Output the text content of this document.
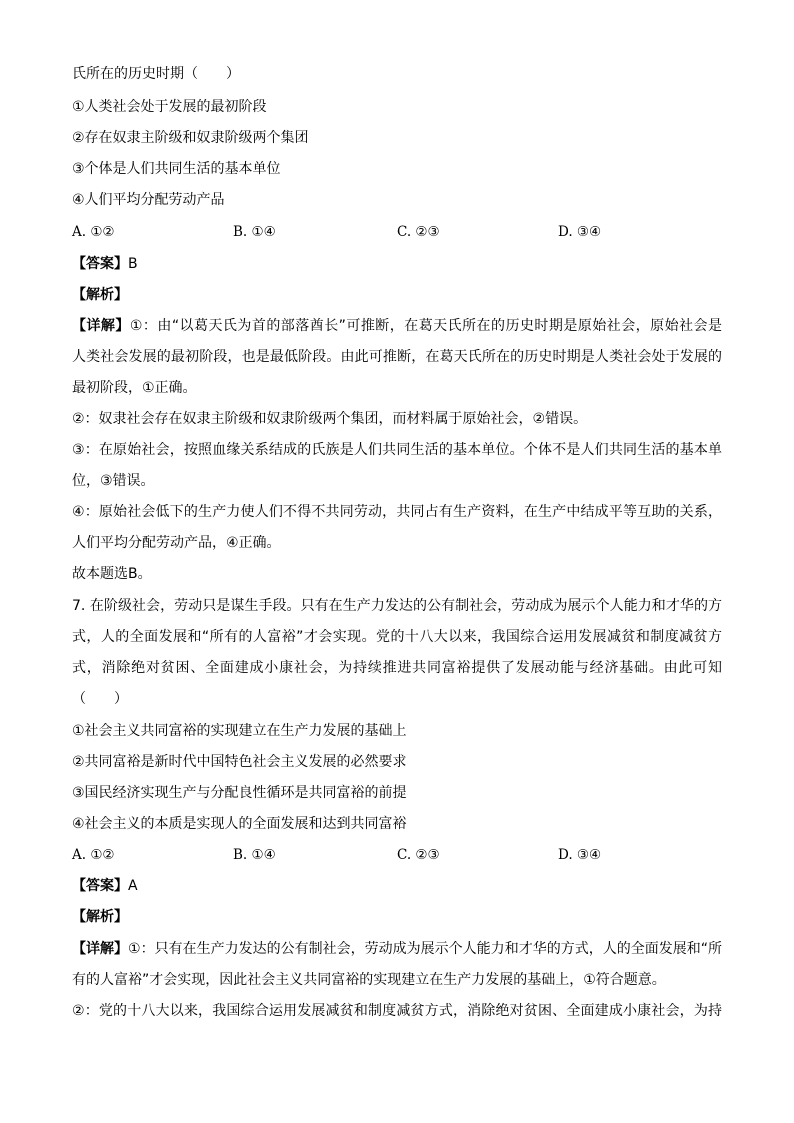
氏所在的历史时期（　　）
①人类社会处于发展的最初阶段
②存在奴隶主阶级和奴隶阶级两个集团
③个体是人们共同生活的基本单位
④人们平均分配劳动产品
A. ①②	B. ①④	C. ②③	D. ③④
【答案】B
【解析】
【详解】①：由“以葛天氏为首的部落酋长”可推断，在葛天氏所在的历史时期是原始社会，原始社会是
人类社会发展的最初阶段，也是最低阶段。由此可推断，在葛天氏所在的历史时期是人类社会处于发展的
最初阶段，①正确。
②：奴隶社会存在奴隶主阶级和奴隶阶级两个集团，而材料属于原始社会，②错误。
③：在原始社会，按照血缘关系结成的氏族是人们共同生活的基本单位。个体不是人们共同生活的基本单
位，③错误。
④：原始社会低下的生产力使人们不得不共同劳动，共同占有生产资料，在生产中结成平等互助的关系，
人们平均分配劳动产品，④正确。
故本题选B。
7. 在阶级社会，劳动只是谋生手段。只有在生产力发达的公有制社会，劳动成为展示个人能力和才华的方
式，人的全面发展和“所有的人富裕”才会实现。党的十八大以来，我国综合运用发展减贫和制度减贫方
式，消除绝对贫困、全面建成小康社会，为持续推进共同富裕提供了发展动能与经济基础。由此可知
（　　）
①社会主义共同富裕的实现建立在生产力发展的基础上
②共同富裕是新时代中国特色社会主义发展的必然要求
③国民经济实现生产与分配良性循环是共同富裕的前提
④社会主义的本质是实现人的全面发展和达到共同富裕
A. ①②	B. ①④	C. ②③	D. ③④
【答案】A
【解析】
【详解】①：只有在生产力发达的公有制社会，劳动成为展示个人能力和才华的方式，人的全面发展和“所
有的人富裕”才会实现，因此社会主义共同富裕的实现建立在生产力发展的基础上，①符合题意。
②：党的十八大以来，我国综合运用发展减贫和制度减贫方式，消除绝对贫困、全面建成小康社会，为持
